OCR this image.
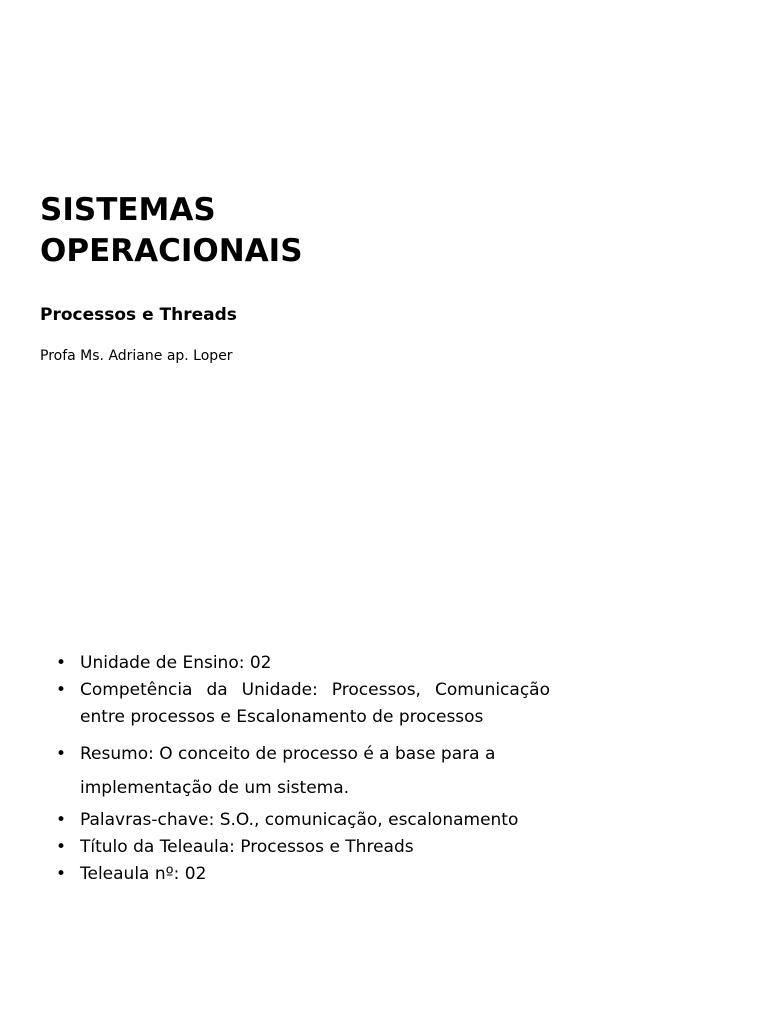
SISTEMAS
OPERACIONAIS

Processos e Threads

Profa Ms. Adriane ap. Loper

• Unidade de Ensino: 02
• Competência da Unidade: Processos, Comunicação entre processos e Escalonamento de processos
• Resumo: O conceito de processo é a base para a implementação de um sistema.
• Palavras-chave: S.O., comunicação, escalonamento
• Título da Teleaula: Processos e Threads
• Teleaula nº: 02
